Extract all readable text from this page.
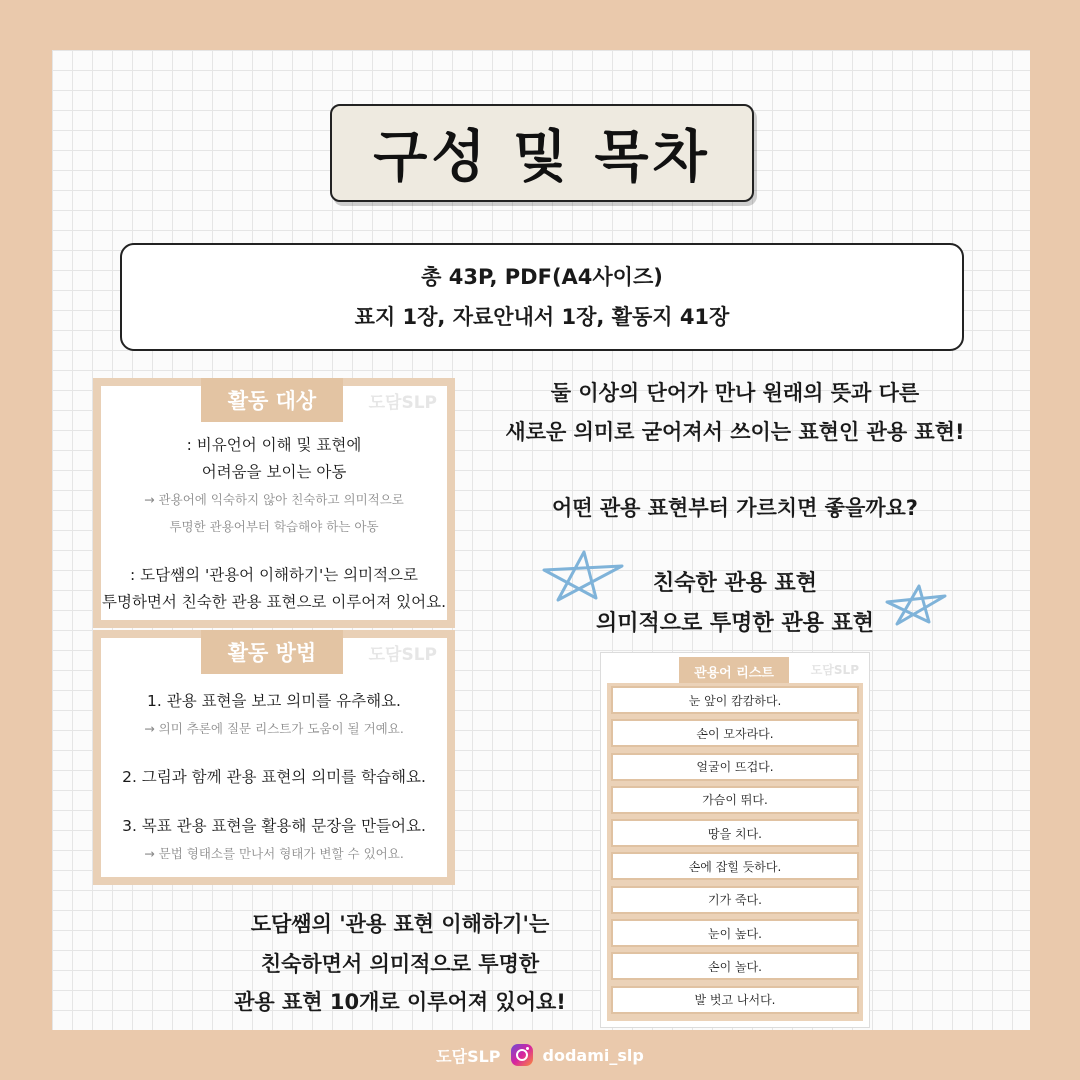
구성 및 목차
총 43P, PDF(A4사이즈)
표지 1장, 자료안내서 1장, 활동지 41장
활동 대상	도담SLP
: 비유언어 이해 및 표현에
어려움을 보이는 아동
→ 관용어에 익숙하지 않아 친숙하고 의미적으로
투명한 관용어부터 학습해야 하는 아동
: 도담쌤의 '관용어 이해하기'는 의미적으로
투명하면서 친숙한 관용 표현으로 이루어져 있어요.
활동 방법	도담SLP
1. 관용 표현을 보고 의미를 유추해요.
→ 의미 추론에 질문 리스트가 도움이 될 거예요.
2. 그림과 함께 관용 표현의 의미를 학습해요.
3. 목표 관용 표현을 활용해 문장을 만들어요.
→ 문법 형태소를 만나서 형태가 변할 수 있어요.
둘 이상의 단어가 만나 원래의 뜻과 다른
새로운 의미로 굳어져서 쓰이는 표현인 관용 표현!
어떤 관용 표현부터 가르치면 좋을까요?
친숙한 관용 표현
의미적으로 투명한 관용 표현
도담쌤의 '관용 표현 이해하기'는
친숙하면서 의미적으로 투명한
관용 표현 10개로 이루어져 있어요!
관용어 리스트	도담SLP
눈 앞이 캄캄하다.
손이 모자라다.
얼굴이 뜨겁다.
가슴이 뛰다.
땅을 치다.
손에 잡힐 듯하다.
기가 죽다.
눈이 높다.
손이 놀다.
발 벗고 나서다.
도담SLP	dodami_slp
